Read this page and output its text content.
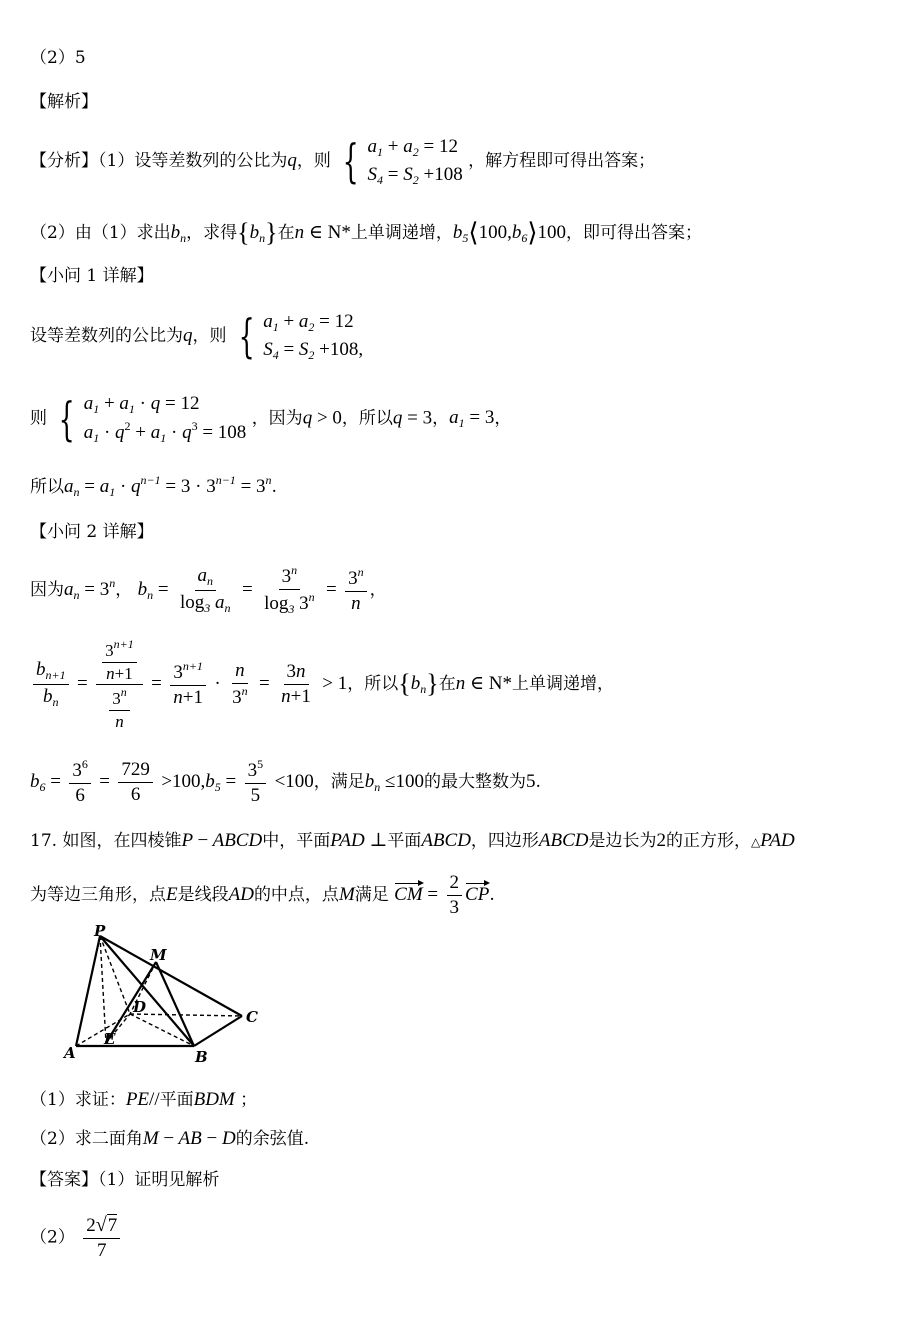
（2）5
【解析】
【分析】（1）设等差数列的公比为q，则 { $a_1 + a_2 = 12$
$S_4 = S_2 +108$
，解方程即可得出答案；
（2）由（1）求出$b_n$，求得$\{b_n\}$在n ∈ N*上单调递增，$b_5⟨100,b_6⟩100$，即可得出答案；
【小问 1 详解】
设等差数列的公比为q，则 { $a_1 + a_2 = 12$
$S_4 = S_2 +108$,
则 { $a_1 + a_1 \cdot q = 12$
$a_1 \cdot q^2 + a_1 \cdot q^3 = 108$
，因为q > 0，所以q = 3，$a_1 = 3$，
所以$a_n = a_1 \cdot q^{n-1} = 3 \cdot 3^{n-1} = 3^n$.
【小问 2 详解】
因为$a_n = 3^n$， $b_n = \frac{a_n}{\log_3 a_n} = \frac{3^n}{\log_3 3^n} = \frac{3^n}{n}$ ，
$\frac{b_{n+1}}{b_n} = \frac{\frac{3^{n+1}}{n+1}}{\frac{3^n}{n}} = \frac{3^{n+1}}{n+1} \cdot \frac{n}{3^n} = \frac{3n}{n+1} > 1$，所以$\{b_n\}$在n ∈ N*上单调递增，
$b_6 = \frac{3^6}{6} = \frac{729}{6} >100,b_5 = \frac{3^5}{5} <100$，满足$b_n \le 100$的最大整数为5.
17. 如图，在四棱锥P − ABCD中，平面PAD ⊥平面ABCD，四边形ABCD是边长为2的正方形，△PAD
为等边三角形，点E是线段AD的中点，点M满足 CM = $\frac{2}{3}$ CP.
P
M
D
C
A
E
B
（1）求证：PE//平面BDM ；
（2）求二面角M − AB − D的余弦值.
【答案】（1）证明见解析
$(2) \frac{2√7}{7}$
